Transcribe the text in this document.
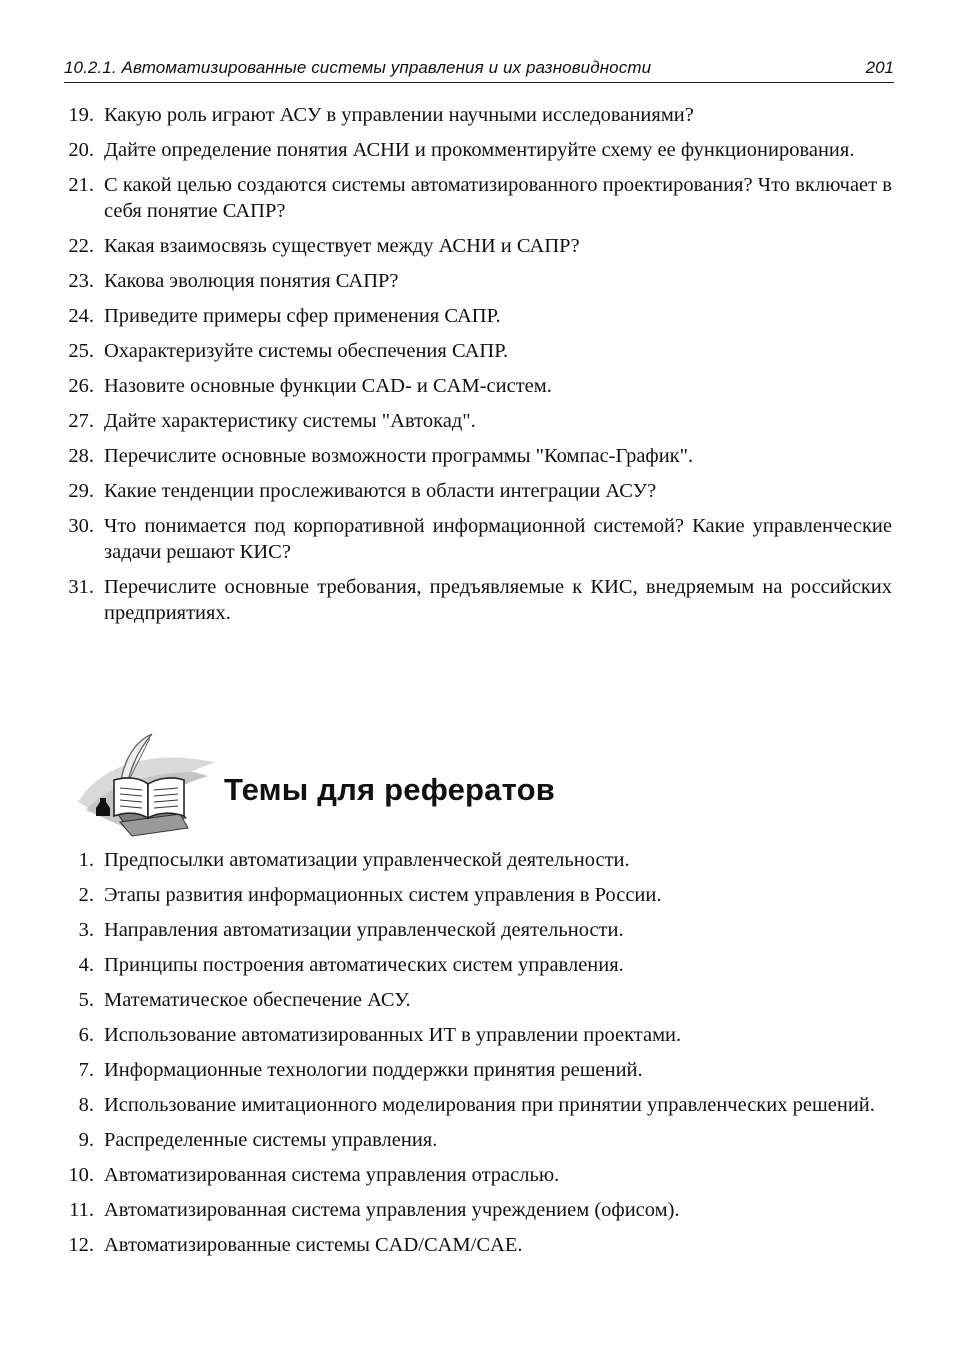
10.2.1. Автоматизированные системы управления и их разновидности	201
19. Какую роль играют АСУ в управлении научными исследованиями?
20. Дайте определение понятия АСНИ и прокомментируйте схему ее функционирования.
21. С какой целью создаются системы автоматизированного проектирования? Что включает в себя понятие САПР?
22. Какая взаимосвязь существует между АСНИ и САПР?
23. Какова эволюция понятия САПР?
24. Приведите примеры сфер применения САПР.
25. Охарактеризуйте системы обеспечения САПР.
26. Назовите основные функции CAD- и CAM-систем.
27. Дайте характеристику системы "Автокад".
28. Перечислите основные возможности программы "Компас-График".
29. Какие тенденции прослеживаются в области интеграции АСУ?
30. Что понимается под корпоративной информационной системой? Какие управленческие задачи решают КИС?
31. Перечислите основные требования, предъявляемые к КИС, внедряемым на российских предприятиях.
Темы для рефератов
1. Предпосылки автоматизации управленческой деятельности.
2. Этапы развития информационных систем управления в России.
3. Направления автоматизации управленческой деятельности.
4. Принципы построения автоматических систем управления.
5. Математическое обеспечение АСУ.
6. Использование автоматизированных ИТ в управлении проектами.
7. Информационные технологии поддержки принятия решений.
8. Использование имитационного моделирования при принятии управленческих решений.
9. Распределенные системы управления.
10. Автоматизированная система управления отраслью.
11. Автоматизированная система управления учреждением (офисом).
12. Автоматизированные системы CAD/CAM/CAE.
